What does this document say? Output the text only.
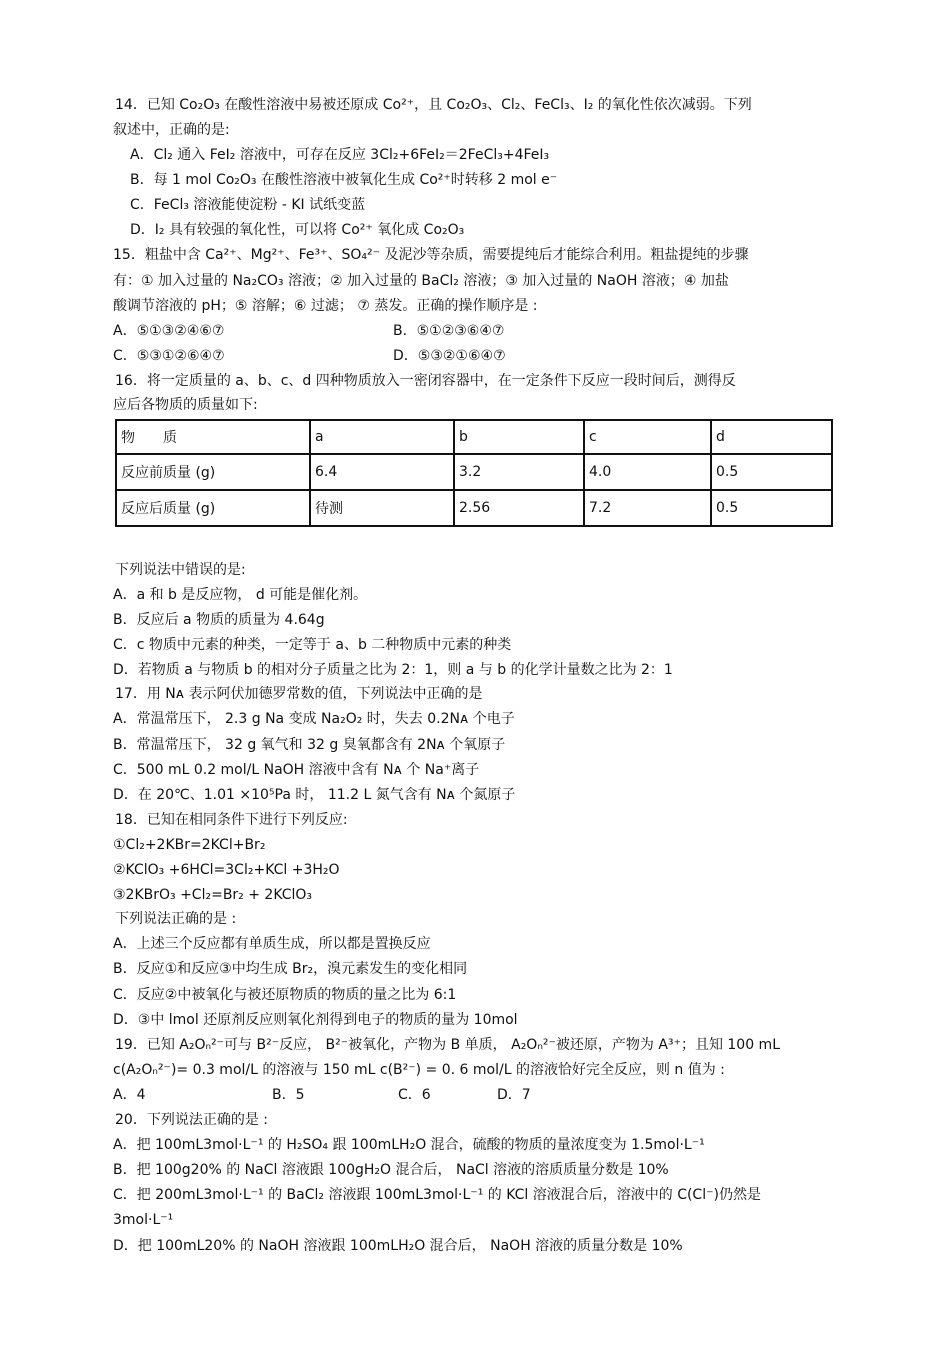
14．已知 Co₂O₃ 在酸性溶液中易被还原成 Co²⁺，且 Co₂O₃、Cl₂、FeCl₃、I₂ 的氧化性依次减弱。下列
叙述中，正确的是:
A．Cl₂ 通入 FeI₂ 溶液中，可存在反应 3Cl₂+6FeI₂＝2FeCl₃+4FeI₃
B．每 1 mol Co₂O₃ 在酸性溶液中被氧化生成 Co²⁺时转移 2 mol e⁻
C．FeCl₃ 溶液能使淀粉 - KI 试纸变蓝
D．I₂ 具有较强的氧化性，可以将 Co²⁺ 氧化成 Co₂O₃
15．粗盐中含 Ca²⁺、Mg²⁺、Fe³⁺、SO₄²⁻ 及泥沙等杂质，需要提纯后才能综合利用。粗盐提纯的步骤
有：① 加入过量的 Na₂CO₃ 溶液；② 加入过量的 BaCl₂ 溶液；③ 加入过量的 NaOH 溶液；④ 加盐
酸调节溶液的 pH；⑤ 溶解；⑥ 过滤； ⑦ 蒸发。正确的操作顺序是 :
A．⑤①③②④⑥⑦	B．⑤①②③⑥④⑦
C．⑤③①②⑥④⑦	D．⑤③②①⑥④⑦
16．将一定质量的 a、b、c、d 四种物质放入一密闭容器中，在一定条件下反应一段时间后，测得反
应后各物质的质量如下:
物　　质	a	b	c	d
反应前质量 (g)	6.4	3.2	4.0	0.5
反应后质量 (g)	待测	2.56	7.2	0.5
下列说法中错误的是:
A．a 和 b 是反应物， d 可能是催化剂。
B．反应后 a 物质的质量为 4.64g
C．c 物质中元素的种类，一定等于 a、b 二种物质中元素的种类
D．若物质 a 与物质 b 的相对分子质量之比为 2：1，则 a 与 b 的化学计量数之比为 2：1
17．用 Nᴀ 表示阿伏加德罗常数的值，下列说法中正确的是
A．常温常压下， 2.3 g Na 变成 Na₂O₂ 时，失去 0.2Nᴀ 个电子
B．常温常压下， 32 g 氧气和 32 g 臭氧都含有 2Nᴀ 个氧原子
C．500 mL 0.2 mol/L NaOH 溶液中含有 Nᴀ 个 Na⁺离子
D．在 20℃、1.01 ×10⁵Pa 时， 11.2 L 氮气含有 Nᴀ 个氮原子
18．已知在相同条件下进行下列反应:
①Cl₂+2KBr=2KCl+Br₂
②KClO₃ +6HCl=3Cl₂+KCl +3H₂O
③2KBrO₃ +Cl₂=Br₂ + 2KClO₃
下列说法正确的是 :
A．上述三个反应都有单质生成，所以都是置换反应
B．反应①和反应③中均生成 Br₂，溴元素发生的变化相同
C．反应②中被氧化与被还原物质的物质的量之比为 6:1
D．③中 lmol 还原剂反应则氧化剂得到电子的物质的量为 10mol
19．已知 A₂Oₙ²⁻可与 B²⁻反应， B²⁻被氧化，产物为 B 单质， A₂Oₙ²⁻被还原，产物为 A³⁺；且知 100 mL
c(A₂Oₙ²⁻)= 0.3 mol/L 的溶液与 150 mL c(B²⁻) = 0. 6 mol/L 的溶液恰好完全反应，则 n 值为 :
A．4	B．5	C．6	D．7
20．下列说法正确的是 :
A．把 100mL3mol·L⁻¹ 的 H₂SO₄ 跟 100mLH₂O 混合，硫酸的物质的量浓度变为 1.5mol·L⁻¹
B．把 100g20% 的 NaCl 溶液跟 100gH₂O 混合后， NaCl 溶液的溶质质量分数是 10%
C．把 200mL3mol·L⁻¹ 的 BaCl₂ 溶液跟 100mL3mol·L⁻¹ 的 KCl 溶液混合后，溶液中的 C(Cl⁻)仍然是
3mol·L⁻¹
D．把 100mL20% 的 NaOH 溶液跟 100mLH₂O 混合后， NaOH 溶液的质量分数是 10%
